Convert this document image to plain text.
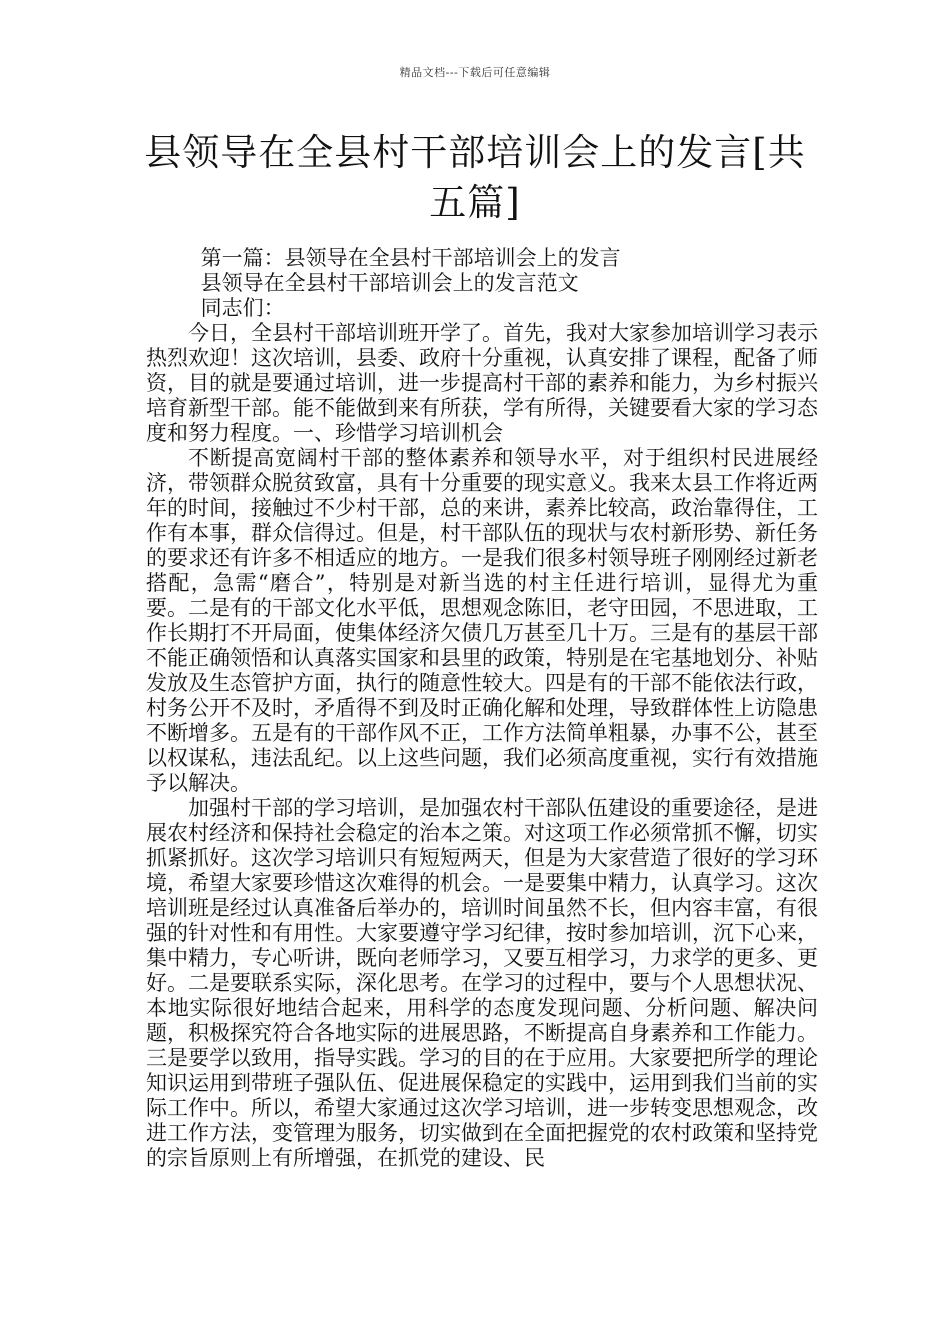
精品文档---下载后可任意编辑
县领导在全县村干部培训会上的发言[共五篇]

第一篇：县领导在全县村干部培训会上的发言

县领导在全县村干部培训会上的发言范文

同志们：

今日，全县村干部培训班开学了。首先，我对大家参加培训学习表示热烈欢迎！这次培训，县委、政府十分重视，认真安排了课程，配备了师资，目的就是要通过培训，进一步提高村干部的素养和能力，为乡村振兴培育新型干部。能不能做到来有所获，学有所得，关键要看大家的学习态度和努力程度。一、珍惜学习培训机会

不断提高宽阔村干部的整体素养和领导水平，对于组织村民进展经济，带领群众脱贫致富，具有十分重要的现实意义。我来太县工作将近两年的时间，接触过不少村干部，总的来讲，素养比较高，政治靠得住，工作有本事，群众信得过。但是，村干部队伍的现状与农村新形势、新任务的要求还有许多不相适应的地方。一是我们很多村领导班子刚刚经过新老搭配，急需“磨合”，特别是对新当选的村主任进行培训，显得尤为重要。二是有的干部文化水平低，思想观念陈旧，老守田园，不思进取，工作长期打不开局面，使集体经济欠债几万甚至几十万。三是有的基层干部不能正确领悟和认真落实国家和县里的政策，特别是在宅基地划分、补贴发放及生态管护方面，执行的随意性较大。四是有的干部不能依法行政，村务公开不及时，矛盾得不到及时正确化解和处理，导致群体性上访隐患不断增多。五是有的干部作风不正，工作方法简单粗暴，办事不公，甚至以权谋私，违法乱纪。以上这些问题，我们必须高度重视，实行有效措施予以解决。

加强村干部的学习培训，是加强农村干部队伍建设的重要途径，是进展农村经济和保持社会稳定的治本之策。对这项工作必须常抓不懈，切实抓紧抓好。这次学习培训只有短短两天，但是为大家营造了很好的学习环境，希望大家要珍惜这次难得的机会。一是要集中精力，认真学习。这次培训班是经过认真准备后举办的，培训时间虽然不长，但内容丰富，有很强的针对性和有用性。大家要遵守学习纪律，按时参加培训，沉下心来，集中精力，专心听讲，既向老师学习，又要互相学习，力求学的更多、更好。二是要联系实际，深化思考。在学习的过程中，要与个人思想状况、本地实际很好地结合起来，用科学的态度发现问题、分析问题、解决问题，积极探究符合各地实际的进展思路，不断提高自身素养和工作能力。三是要学以致用，指导实践。学习的目的在于应用。大家要把所学的理论知识运用到带班子强队伍、促进展保稳定的实践中，运用到我们当前的实际工作中。所以，希望大家通过这次学习培训，进一步转变思想观念，改进工作方法，变管理为服务，切实做到在全面把握党的农村政策和坚持党的宗旨原则上有所增强，在抓党的建设、民
